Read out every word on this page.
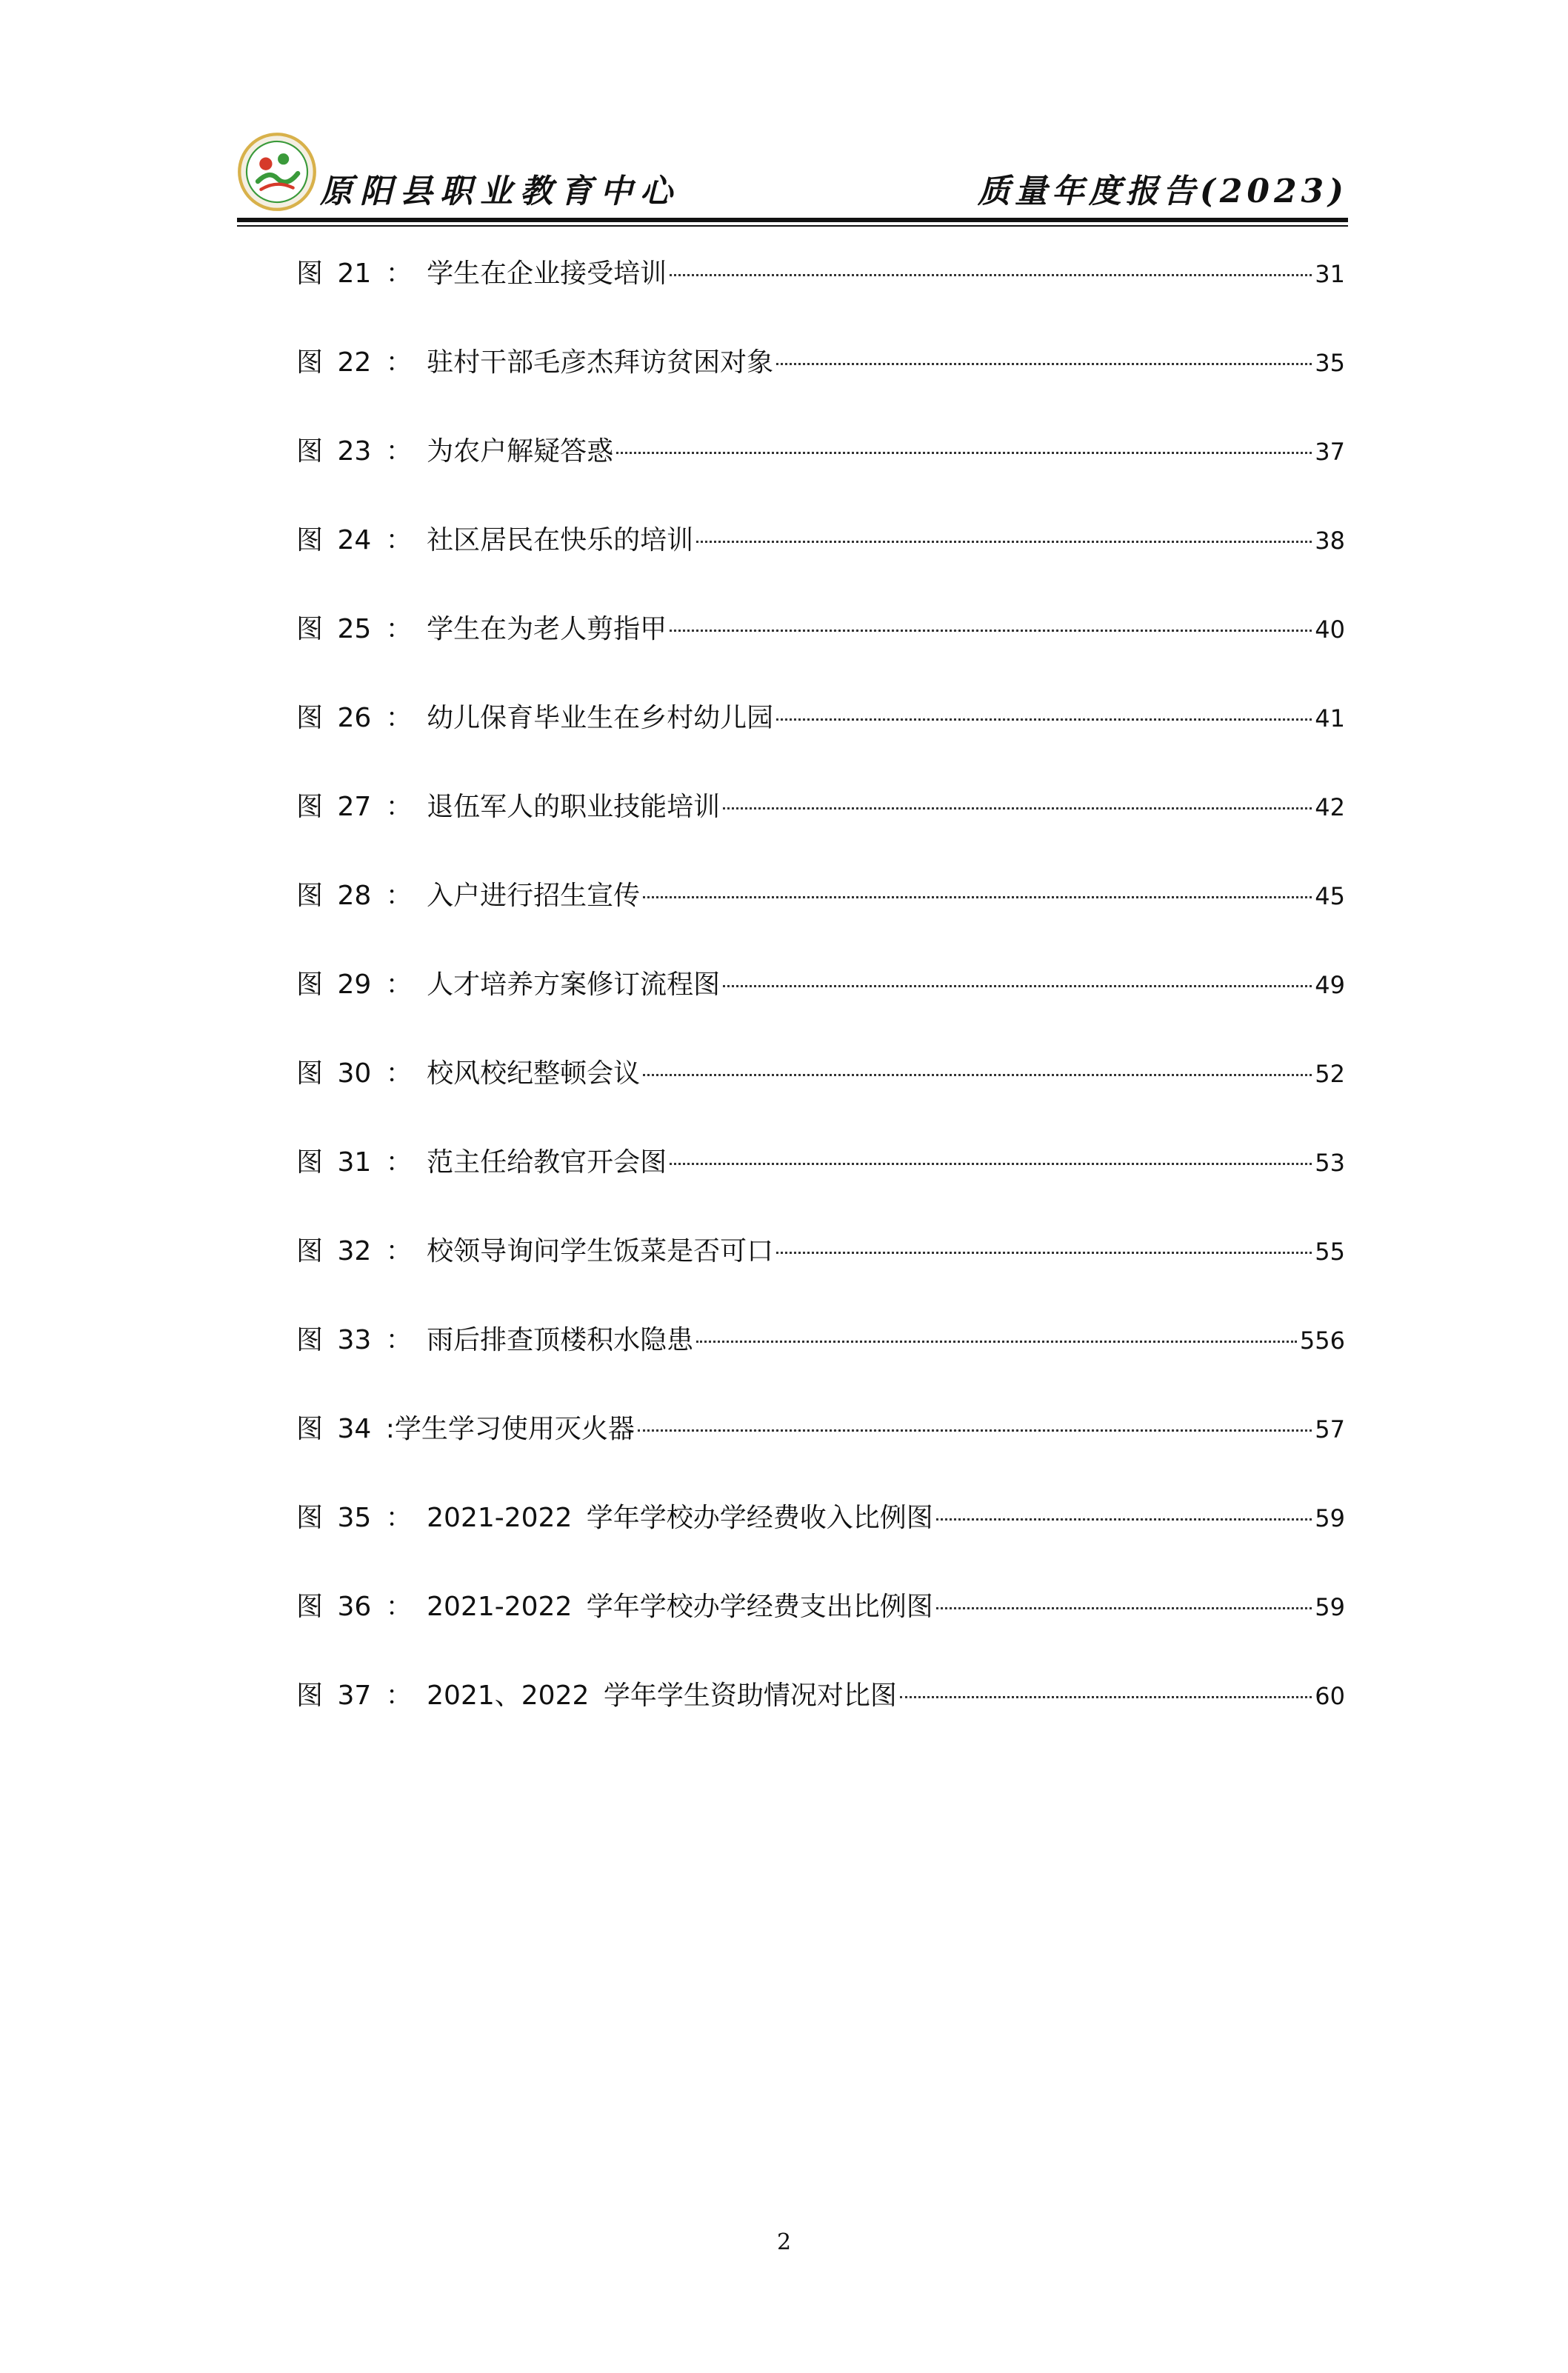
原阳县职业教育中心	质量年度报告(2023)
图 21 ： 学生在企业接受培训	31
图 22 ： 驻村干部毛彦杰拜访贫困对象	35
图 23 ： 为农户解疑答惑	37
图 24 ： 社区居民在快乐的培训	38
图 25 ： 学生在为老人剪指甲	40
图 26 ： 幼儿保育毕业生在乡村幼儿园	41
图 27 ： 退伍军人的职业技能培训	42
图 28 ： 入户进行招生宣传	45
图 29 ： 人才培养方案修订流程图	49
图 30 ： 校风校纪整顿会议	52
图 31 ： 范主任给教官开会图	53
图 32 ： 校领导询问学生饭菜是否可口	55
图 33 ： 雨后排查顶楼积水隐患	556
图 34 :学生学习使用灭火器	57
图 35 ： 2021-2022 学年学校办学经费收入比例图	59
图 36 ： 2021-2022 学年学校办学经费支出比例图	59
图 37 ： 2021、2022 学年学生资助情况对比图	60
2
